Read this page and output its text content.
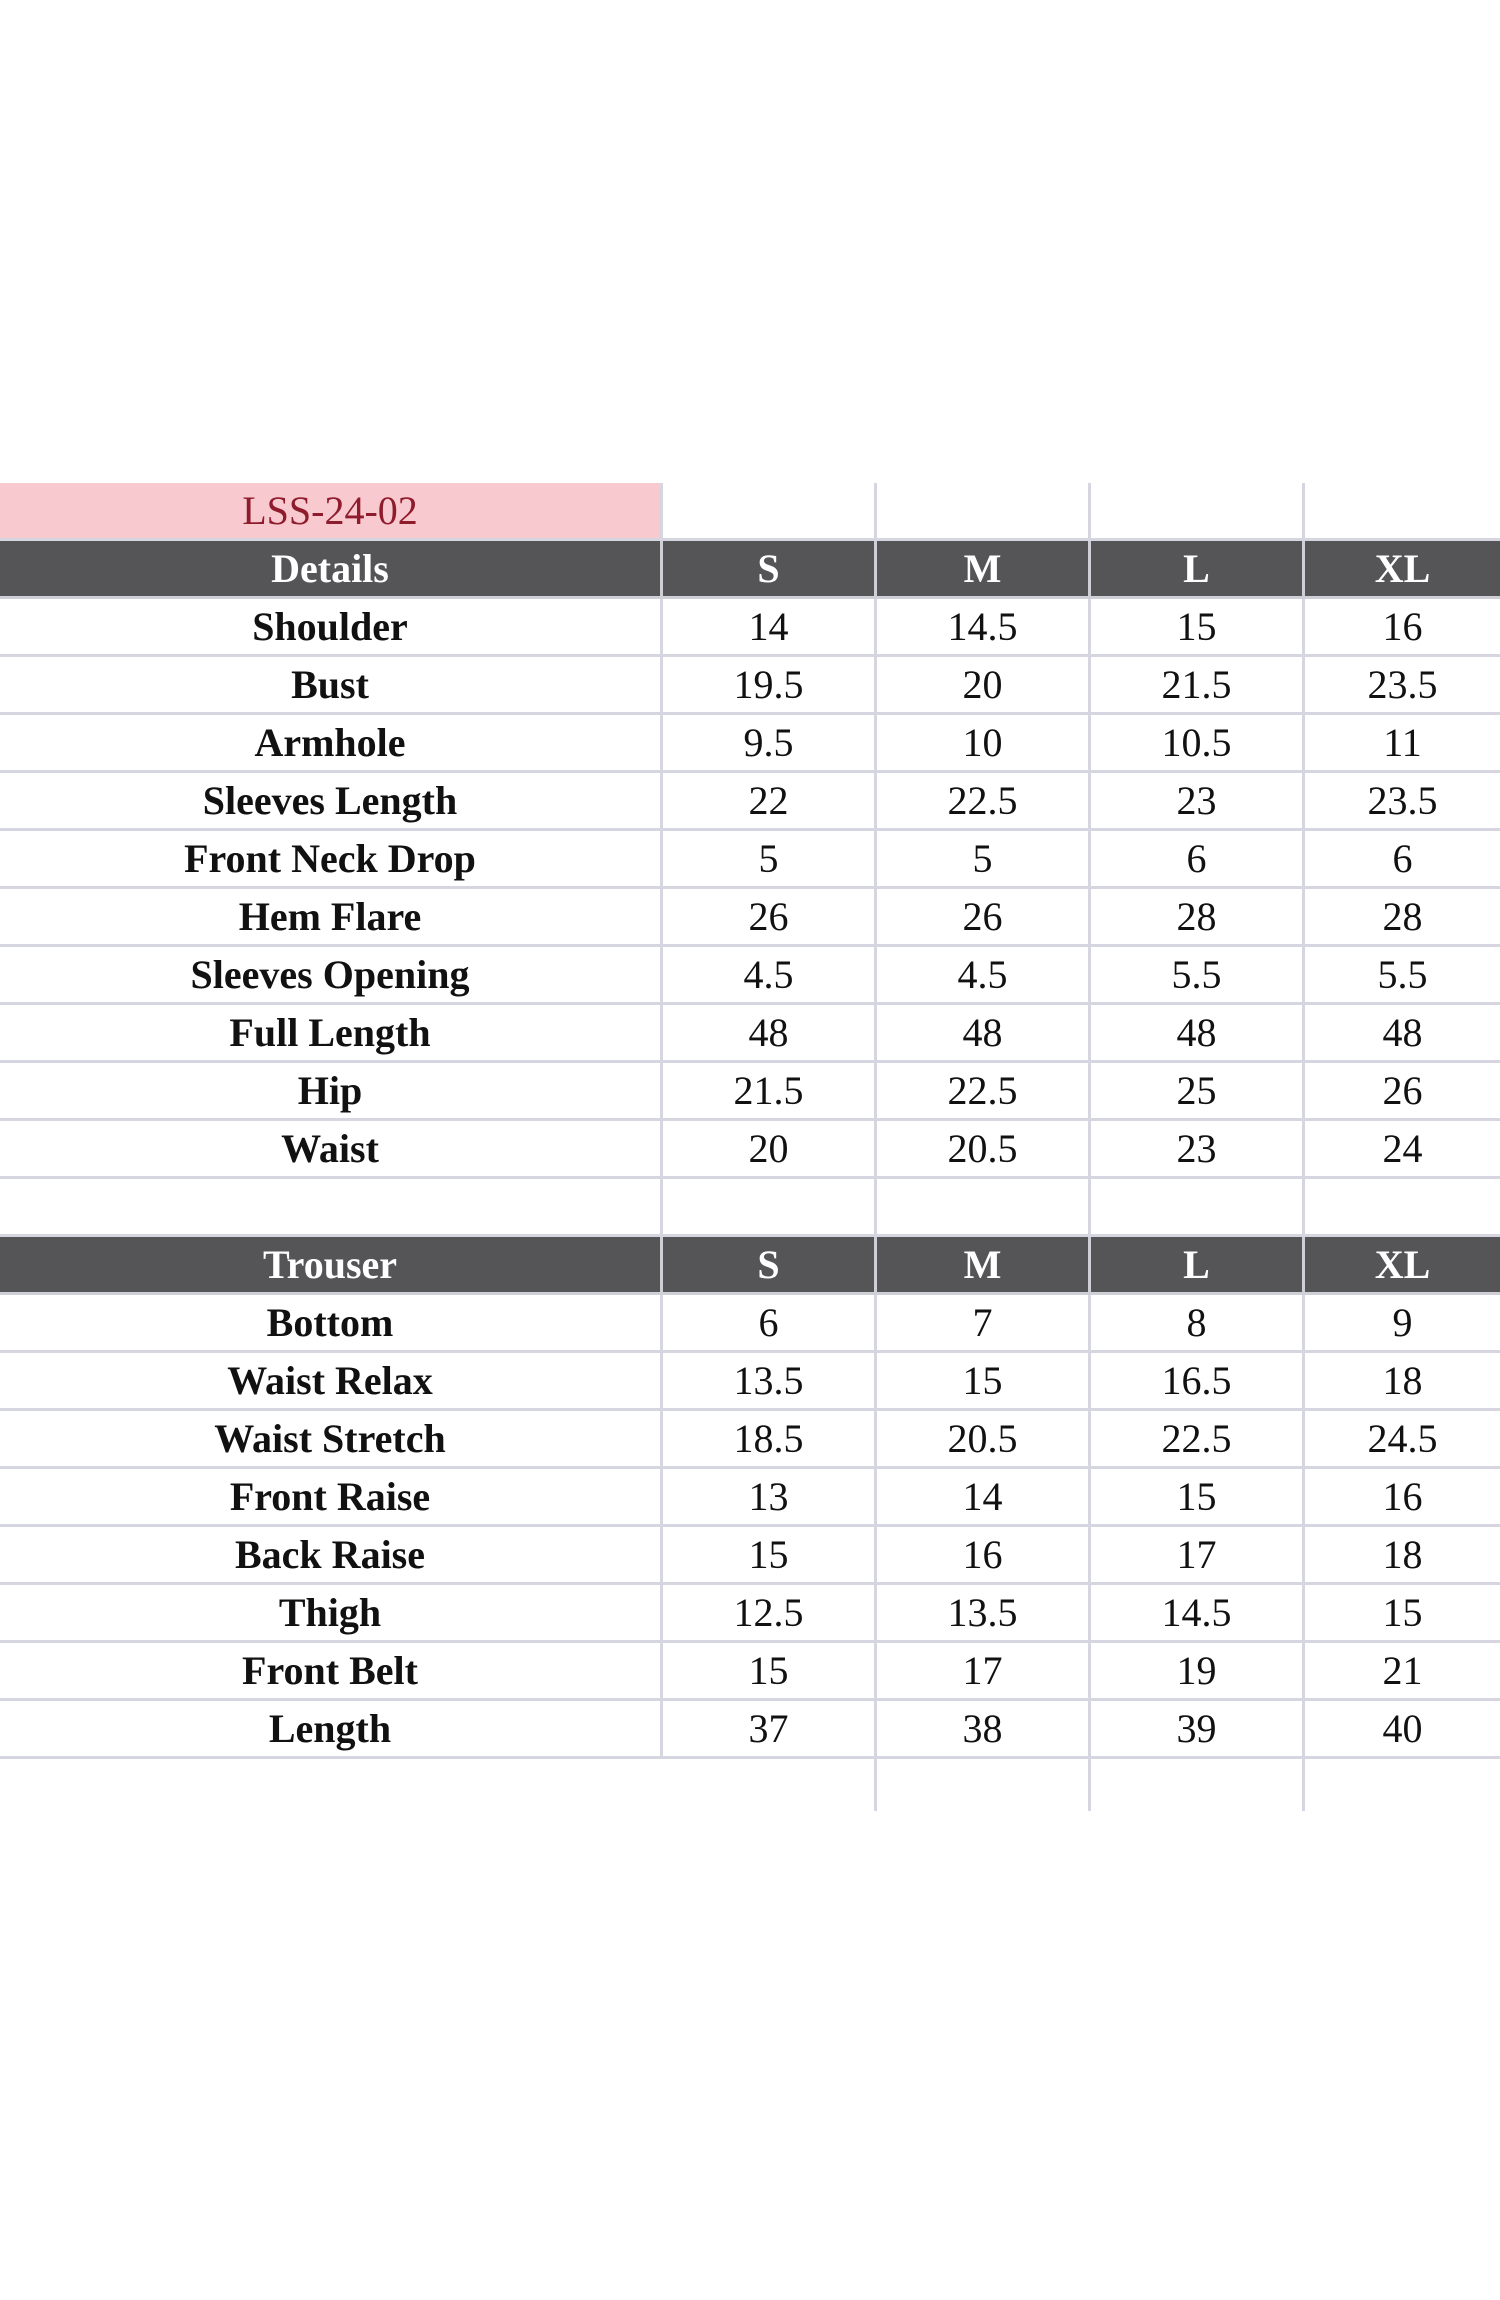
LSS-24-02
Details	S	M	L	XL
Shoulder	14	14.5	15	16
Bust	19.5	20	21.5	23.5
Armhole	9.5	10	10.5	11
Sleeves Length	22	22.5	23	23.5
Front Neck Drop	5	5	6	6
Hem Flare	26	26	28	28
Sleeves Opening	4.5	4.5	5.5	5.5
Full Length	48	48	48	48
Hip	21.5	22.5	25	26
Waist	20	20.5	23	24
Trouser	S	M	L	XL
Bottom	6	7	8	9
Waist Relax	13.5	15	16.5	18
Waist Stretch	18.5	20.5	22.5	24.5
Front Raise	13	14	15	16
Back Raise	15	16	17	18
Thigh	12.5	13.5	14.5	15
Front Belt	15	17	19	21
Length	37	38	39	40
